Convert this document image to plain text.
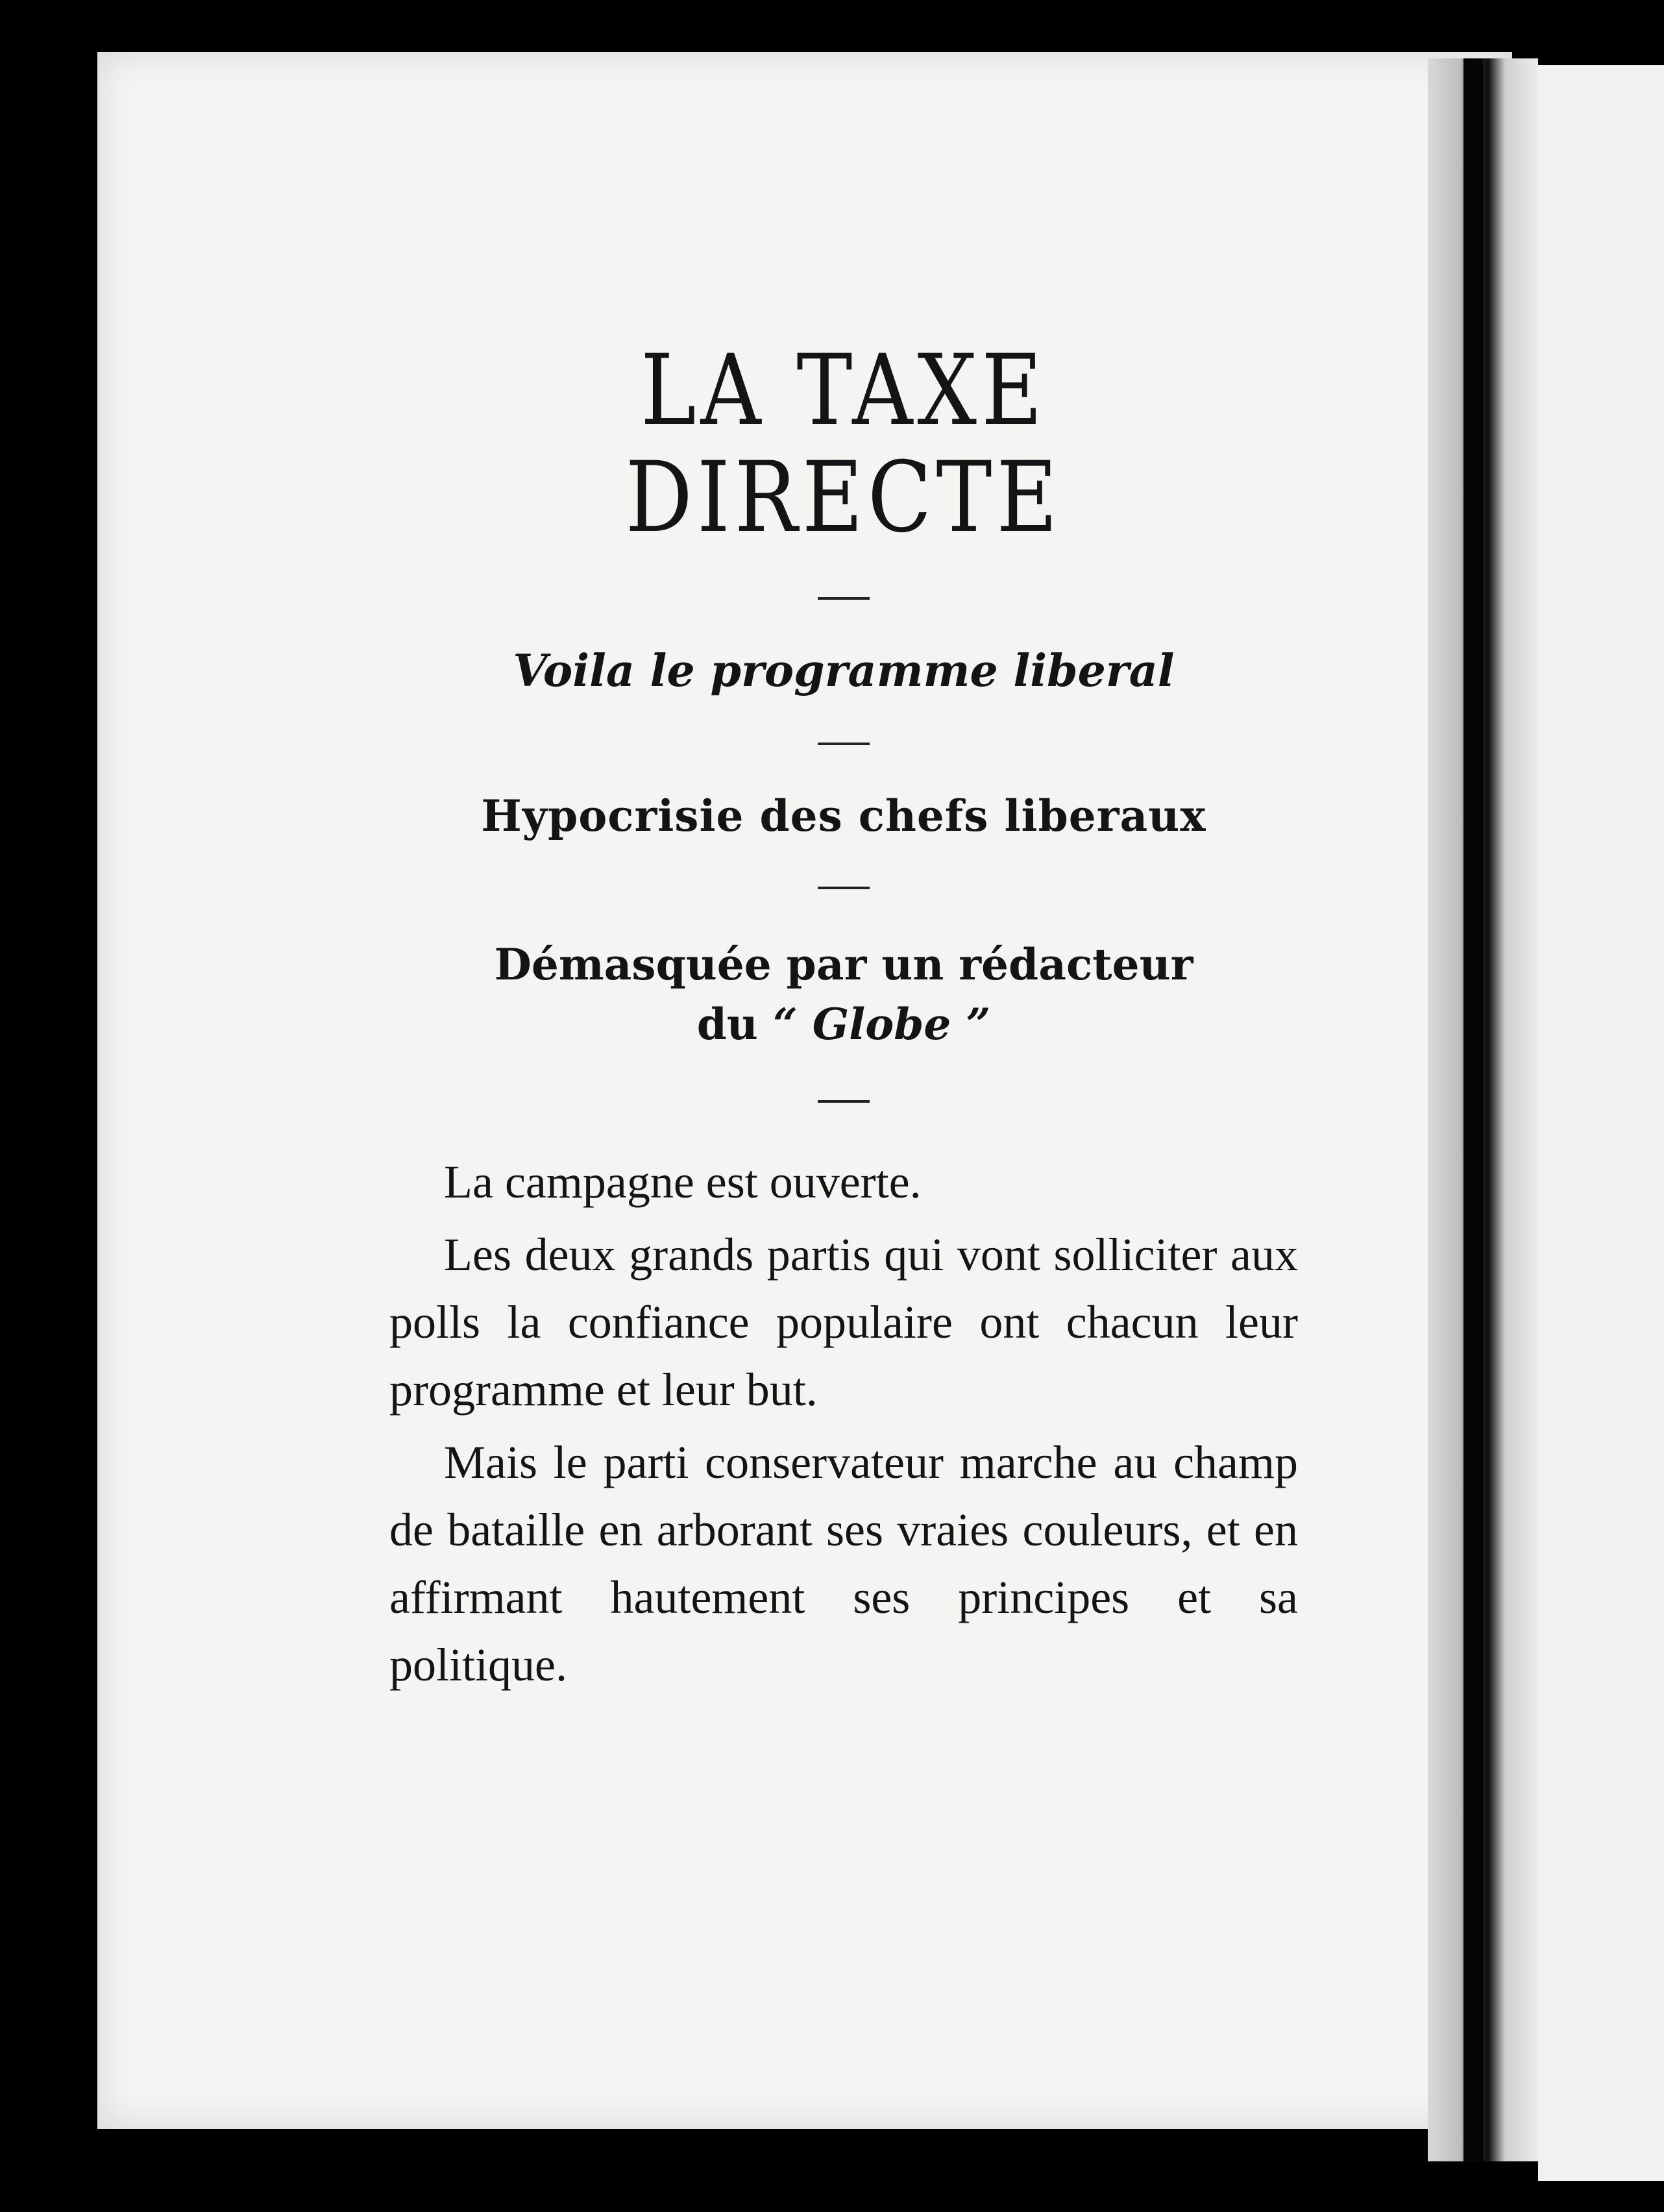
LA TAXE DIRECTE

Voila le programme liberal

Hypocrisie des chefs liberaux

Démasquée par un rédacteur
du “ Globe ”

La campagne est ouverte.

Les deux grands partis qui vont solliciter aux polls la confiance populaire ont chacun leur programme et leur but.

Mais le parti conservateur marche au champ de bataille en arborant ses vraies couleurs, et en affirmant hautement ses principes et sa politique.
